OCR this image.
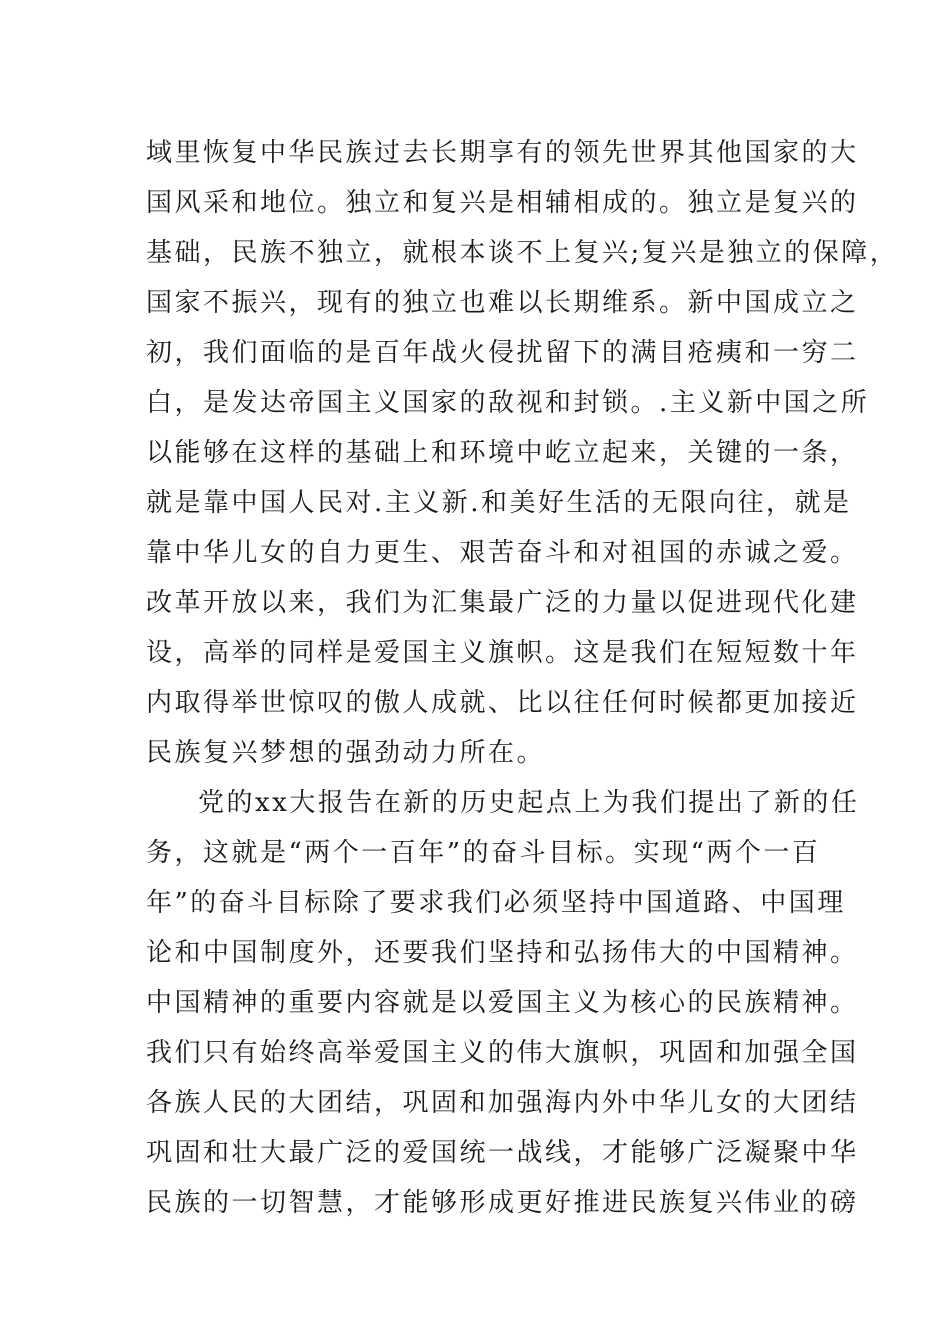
域里恢复中华民族过去长期享有的领先世界其他国家的大
国风采和地位。独立和复兴是相辅相成的。独立是复兴的
基础，民族不独立，就根本谈不上复兴;复兴是独立的保障，
国家不振兴，现有的独立也难以长期维系。新中国成立之
初，我们面临的是百年战火侵扰留下的满目疮痍和一穷二
白，是发达帝国主义国家的敌视和封锁。.主义新中国之所
以能够在这样的基础上和环境中屹立起来，关键的一条，
就是靠中国人民对.主义新.和美好生活的无限向往，就是
靠中华儿女的自力更生、艰苦奋斗和对祖国的赤诚之爱。
改革开放以来，我们为汇集最广泛的力量以促进现代化建
设，高举的同样是爱国主义旗帜。这是我们在短短数十年
内取得举世惊叹的傲人成就、比以往任何时候都更加接近
民族复兴梦想的强劲动力所在。
党的xx大报告在新的历史起点上为我们提出了新的任
务，这就是“两个一百年”的奋斗目标。实现“两个一百
年”的奋斗目标除了要求我们必须坚持中国道路、中国理
论和中国制度外，还要我们坚持和弘扬伟大的中国精神。
中国精神的重要内容就是以爱国主义为核心的民族精神。
我们只有始终高举爱国主义的伟大旗帜，巩固和加强全国
各族人民的大团结，巩固和加强海内外中华儿女的大团结
巩固和壮大最广泛的爱国统一战线，才能够广泛凝聚中华
民族的一切智慧，才能够形成更好推进民族复兴伟业的磅
